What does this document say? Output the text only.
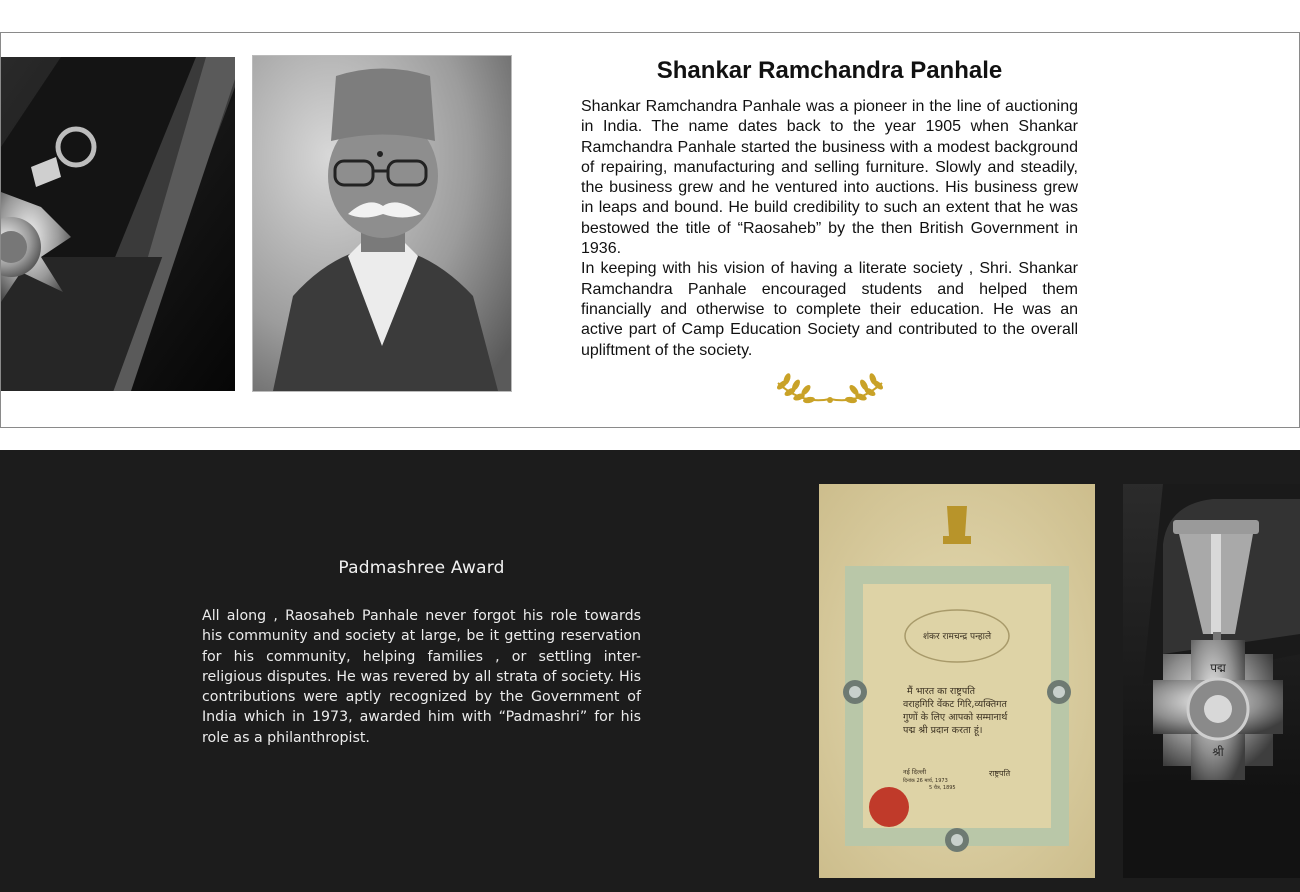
Shankar Ramchandra Panhale

Shankar Ramchandra Panhale was a pioneer in the line of auctioning in India. The name dates back to the year 1905 when Shankar Ramchandra Panhale started the business with a modest background of repairing, manufacturing and selling furniture. Slowly and steadily, the business grew and he ventured into auctions. His business grew in leaps and bound. He build credibility to such an extent that he was bestowed the title of “Raosaheb” by the then British Government in 1936.

In keeping with his vision of having a literate society , Shri. Shankar Ramchandra Panhale encouraged students and helped them financially and otherwise to complete their education. He was an active part of Camp Education Society and contributed to the overall upliftment of the society.

Padmashree Award

All along , Raosaheb Panhale never forgot his role towards his community and society at large, be it getting reservation for his community, helping families , or settling inter- religious disputes. He was revered by all strata of society. His contributions were aptly recognized by the Government of India which in 1973, awarded him with “Padmashri” for his role as a philanthropist.

शंकर रामचन्द्र पन्हाले
मैं भारत का राष्ट्रपति
वराहगिरि वेंकट गिरि,व्यक्तिगत
गुणों के लिए आपको सम्मानार्थ
पद्म श्री प्रदान करता हूं।
नई दिल्ली
दिनांक 26 मार्च, 1973
5 चैत्र, 1895
राष्ट्रपति
पद्म
श्री
